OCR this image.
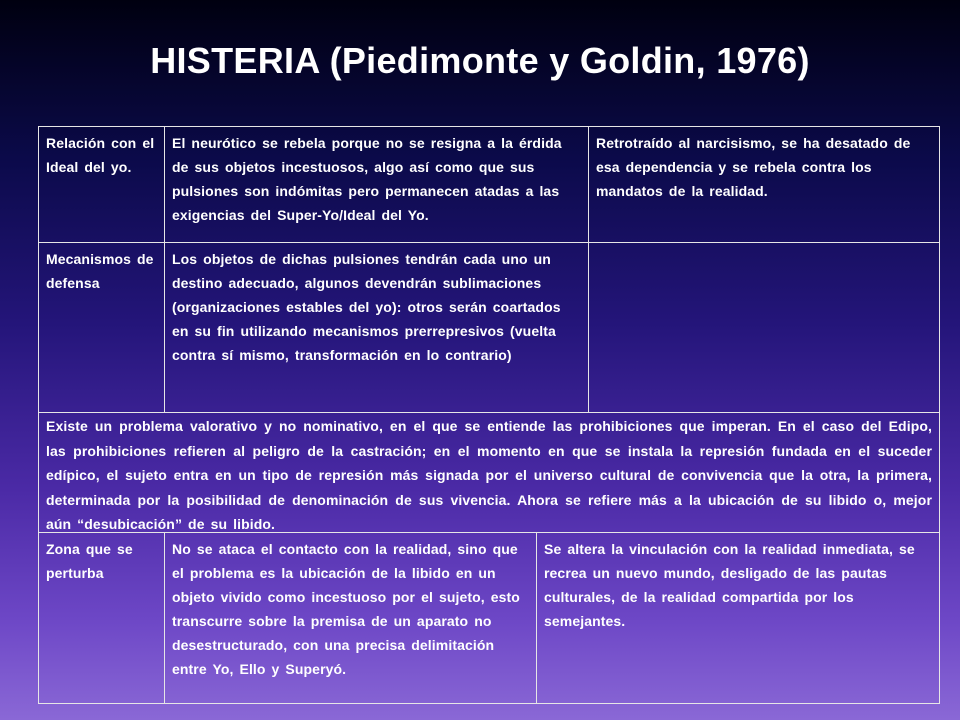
HISTERIA (Piedimonte y Goldin, 1976)
Relación con el Ideal del yo.
El neurótico se rebela porque no se resigna a la érdida de sus objetos incestuosos, algo así como que sus pulsiones son indómitas pero permanecen atadas a las exigencias del Super-Yo/Ideal del Yo.
Retrotraído al narcisismo, se ha desatado de esa dependencia y se rebela contra los mandatos de la realidad.
Mecanismos de defensa
Los objetos de dichas pulsiones tendrán cada uno un destino adecuado, algunos devendrán sublimaciones (organizaciones estables del yo): otros serán coartados en su fin utilizando mecanismos prerrepresivos (vuelta contra sí mismo, transformación en lo contrario)
Existe un problema valorativo y no nominativo, en el que se entiende las prohibiciones que imperan. En el caso del Edipo, las prohibiciones refieren al peligro de la castración; en el momento en que se instala la represión fundada en el suceder edípico, el sujeto entra en un tipo de represión más signada por el universo cultural de convivencia que la otra, la primera, determinada por la posibilidad de denominación de sus vivencia. Ahora se refiere más a la ubicación de su libido o, mejor aún “desubicación” de su libido.
Zona que se perturba
No se ataca el contacto con la realidad, sino que el problema es la ubicación de la libido en un objeto vivido como incestuoso por el sujeto, esto transcurre sobre la premisa de un aparato no desestructurado, con una precisa delimitación entre Yo, Ello y Superyó.
Se altera la vinculación con la realidad inmediata, se recrea un nuevo mundo, desligado de las pautas culturales, de la realidad compartida por los semejantes.
